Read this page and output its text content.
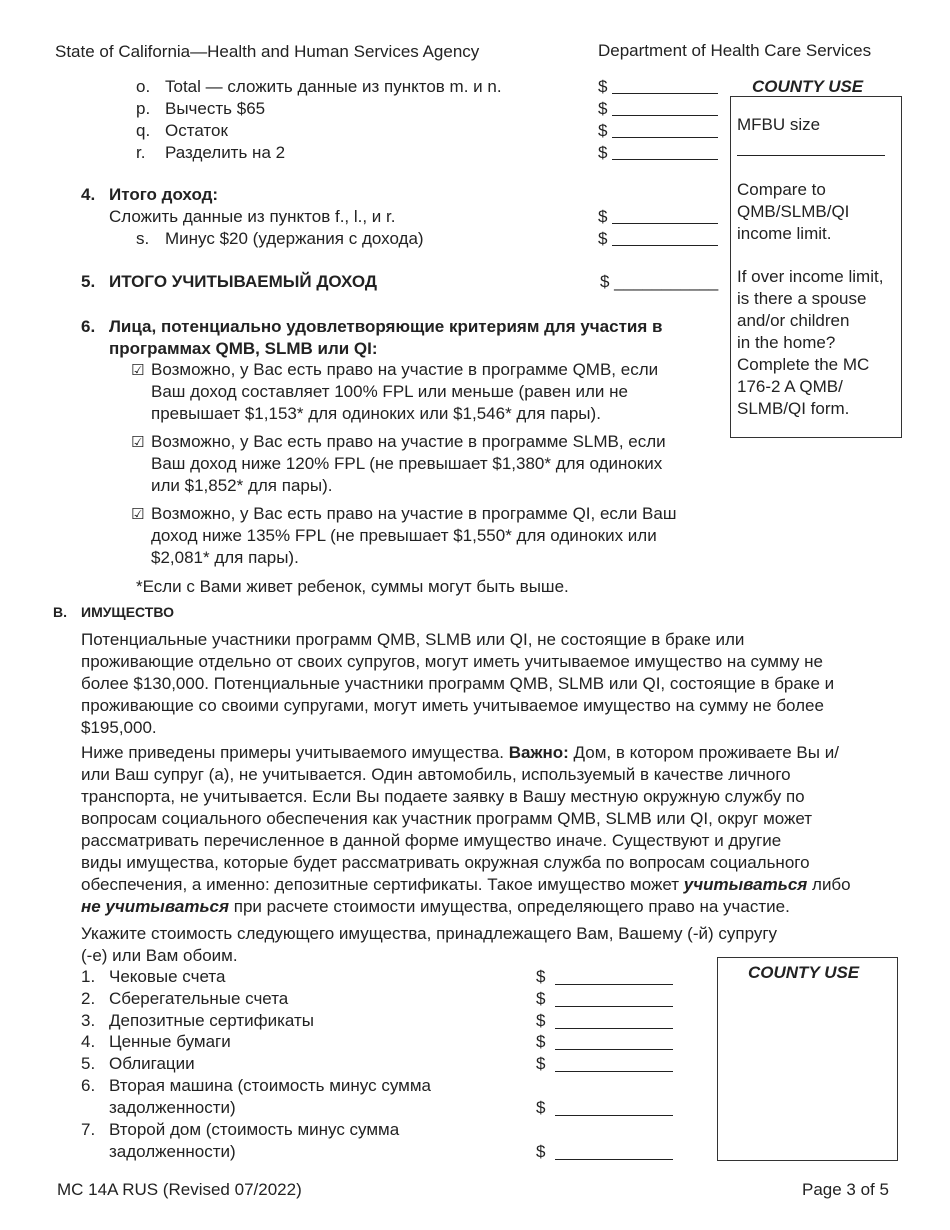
State of California—Health and Human Services Agency	Department of Health Care Services
o. Total — сложить данные из пунктов m. и n.	$
p. Вычесть $65	$
q. Остаток	$
r. Разделить на 2	$
COUNTY USE
MFBU size
Compare to
QMB/SLMB/QI
income limit.
If over income limit,
is there a spouse
and/or children
in the home?
Complete the MC
176-2 A QMB/
SLMB/QI form.
4. Итого доход:
Сложить данные из пунктов f., l., и r.	$
s. Минус $20 (удержания с дохода)	$
5. ИТОГО УЧИТЫВАЕМЫЙ ДОХОД	$ ___________
6. Лица, потенциально удовлетворяющие критериям для участия в
программах QMB, SLMB или QI:
☑ Возможно, у Вас есть право на участие в программе QMB, если
Ваш доход составляет 100% FPL или меньше (равен или не
превышает $1,153* для одиноких или $1,546* для пары).
☑ Возможно, у Вас есть право на участие в программе SLMB, если
Ваш доход ниже 120% FPL (не превышает $1,380* для одиноких
или $1,852* для пары).
☑ Возможно, у Вас есть право на участие в программе QI, если Ваш
доход ниже 135% FPL (не превышает $1,550* для одиноких или
$2,081* для пары).
*Если с Вами живет ребенок, суммы могут быть выше.
B. ИМУЩЕСТВО
Потенциальные участники программ QMB, SLMB или QI, не состоящие в браке или
проживающие отдельно от своих супругов, могут иметь учитываемое имущество на сумму не
более $130,000. Потенциальные участники программ QMB, SLMB или QI, состоящие в браке и
проживающие со своими супругами, могут иметь учитываемое имущество на сумму не более
$195,000.
Ниже приведены примеры учитываемого имущества. Важно: Дом, в котором проживаете Вы и/
или Ваш супруг (а), не учитывается. Один автомобиль, используемый в качестве личного
транспорта, не учитывается. Если Вы подаете заявку в Вашу местную окружную службу по
вопросам социального обеспечения как участник программ QMB, SLMB или QI, округ может
рассматривать перечисленное в данной форме имущество иначе. Существуют и другие
виды имущества, которые будет рассматривать окружная служба по вопросам социального
обеспечения, а именно: депозитные сертификаты. Такое имущество может учитываться либо
не учитываться при расчете стоимости имущества, определяющего право на участие.
Укажите стоимость следующего имущества, принадлежащего Вам, Вашему (-й) супругу
(-е) или Вам обоим.
1. Чековые счета	$
2. Сберегательные счета	$
3. Депозитные сертификаты	$
4. Ценные бумаги	$
5. Облигации	$
6. Вторая машина (стоимость минус сумма
задолженности)	$
7. Второй дом (стоимость минус сумма
задолженности)	$
COUNTY USE
MC 14A RUS (Revised 07/2022)	Page 3 of 5
